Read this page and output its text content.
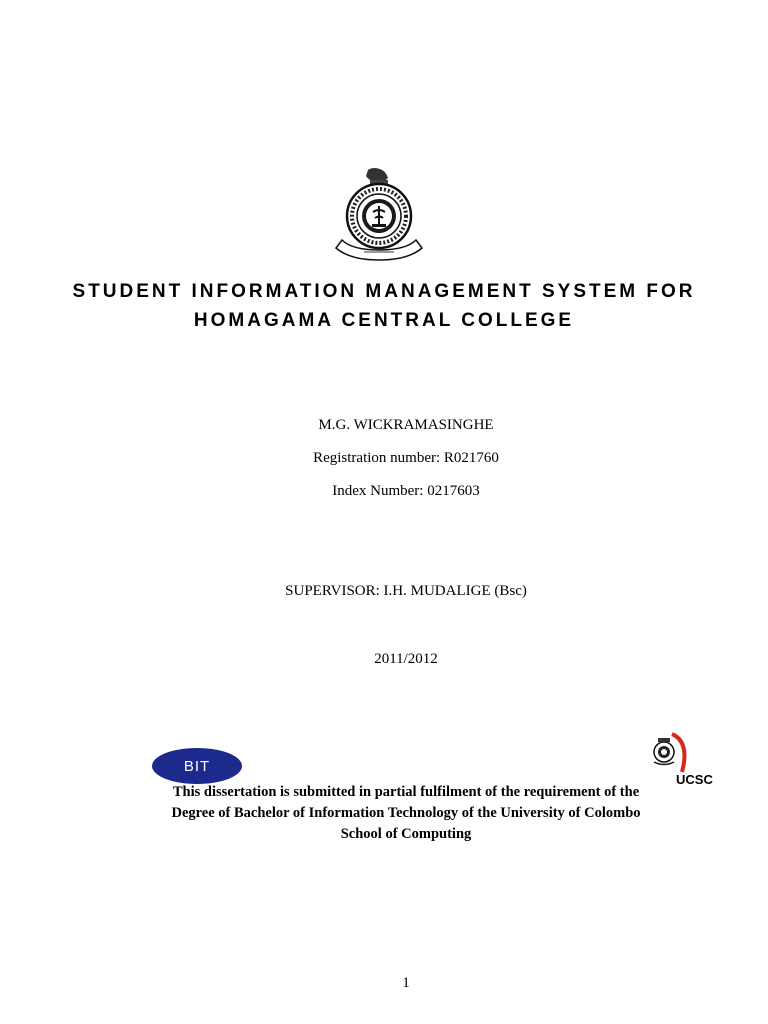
STUDENT INFORMATION MANAGEMENT SYSTEM FOR
HOMAGAMA CENTRAL COLLEGE
M.G. WICKRAMASINGHE
Registration number: R021760
Index Number: 0217603
SUPERVISOR: I.H. MUDALIGE (Bsc)
2011/2012
BIT
UCSC
This dissertation is submitted in partial fulfilment of the requirement of the
Degree of Bachelor of Information Technology of the University of Colombo
School of Computing
1
